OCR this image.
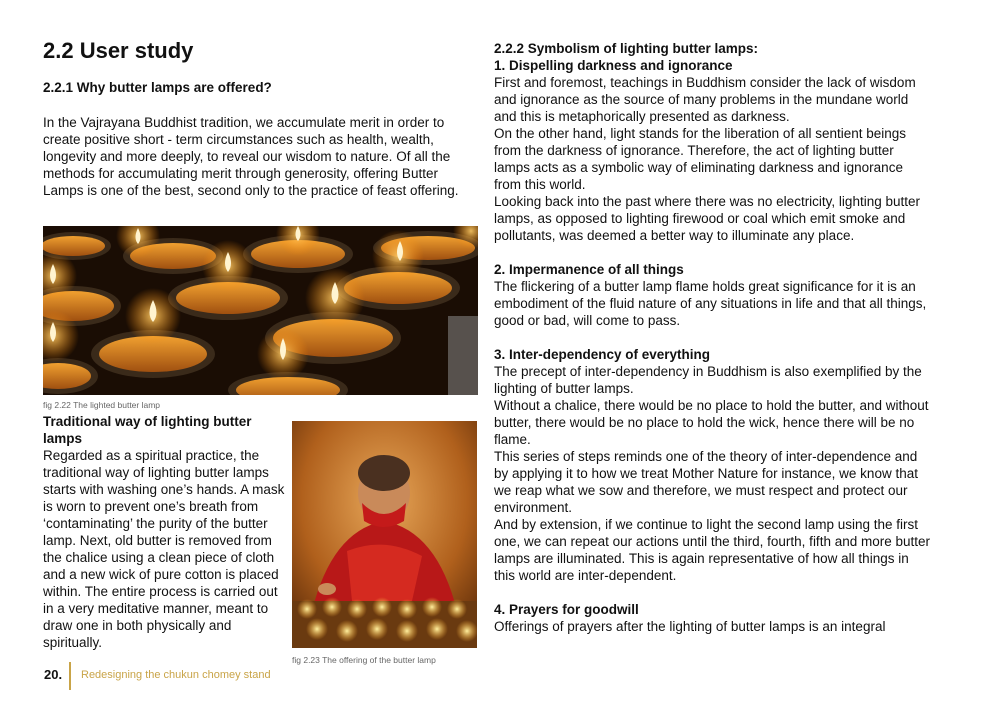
2.2 User study
2.2.1 Why butter lamps are offered?

In the Vajrayana Buddhist tradition, we accumulate merit in order to create positive short - term circumstances such as health, wealth, longevity and more deeply, to reveal our wisdom to nature. Of all the methods for accumulating merit through generosity, offering Butter Lamps is one of the best, second only to the practice of feast offering.

fig 2.22 The lighted butter lamp
Traditional way of lighting butter lamps

Regarded as a spiritual practice, the traditional way of lighting butter lamps starts with washing one’s hands. A mask is worn to prevent one’s breath from ‘contaminating’ the purity of the butter lamp. Next, old butter is removed from the chalice using a clean piece of cloth and a new wick of pure cotton is placed within. The entire process is carried out in a very meditative manner, meant to draw one in both physically and spiritually.

fig 2.23 The offering of the butter lamp
20. Redesigning the chukun chomey stand
2.2.2 Symbolism of lighting butter lamps:
1. Dispelling darkness and ignorance

First and foremost, teachings in Buddhism consider the lack of wisdom and ignorance as the source of many problems in the mundane world and this is metaphorically presented as darkness.

On the other hand, light stands for the liberation of all sentient beings from the darkness of ignorance. Therefore, the act of lighting butter lamps acts as a symbolic way of eliminating darkness and ignorance from this world.

Looking back into the past where there was no electricity, lighting butter lamps, as opposed to lighting firewood or coal which emit smoke and pollutants, was deemed a better way to illuminate any place.

2. Impermanence of all things

The flickering of a butter lamp flame holds great significance for it is an embodiment of the fluid nature of any situations in life and that all things, good or bad, will come to pass.

3. Inter-dependency of everything

The precept of inter-dependency in Buddhism is also exemplified by the lighting of butter lamps.

Without a chalice, there would be no place to hold the butter, and without butter, there would be no place to hold the wick, hence there will be no flame.

This series of steps reminds one of the theory of inter-dependence and by applying it to how we treat Mother Nature for instance, we know that we reap what we sow and therefore, we must respect and protect our environment.

And by extension, if we continue to light the second lamp using the first one, we can repeat our actions until the third, fourth, fifth and more butter lamps are illuminated. This is again representative of how all things in this world are inter-dependent.

4. Prayers for goodwill

Offerings of prayers after the lighting of butter lamps is an integral
